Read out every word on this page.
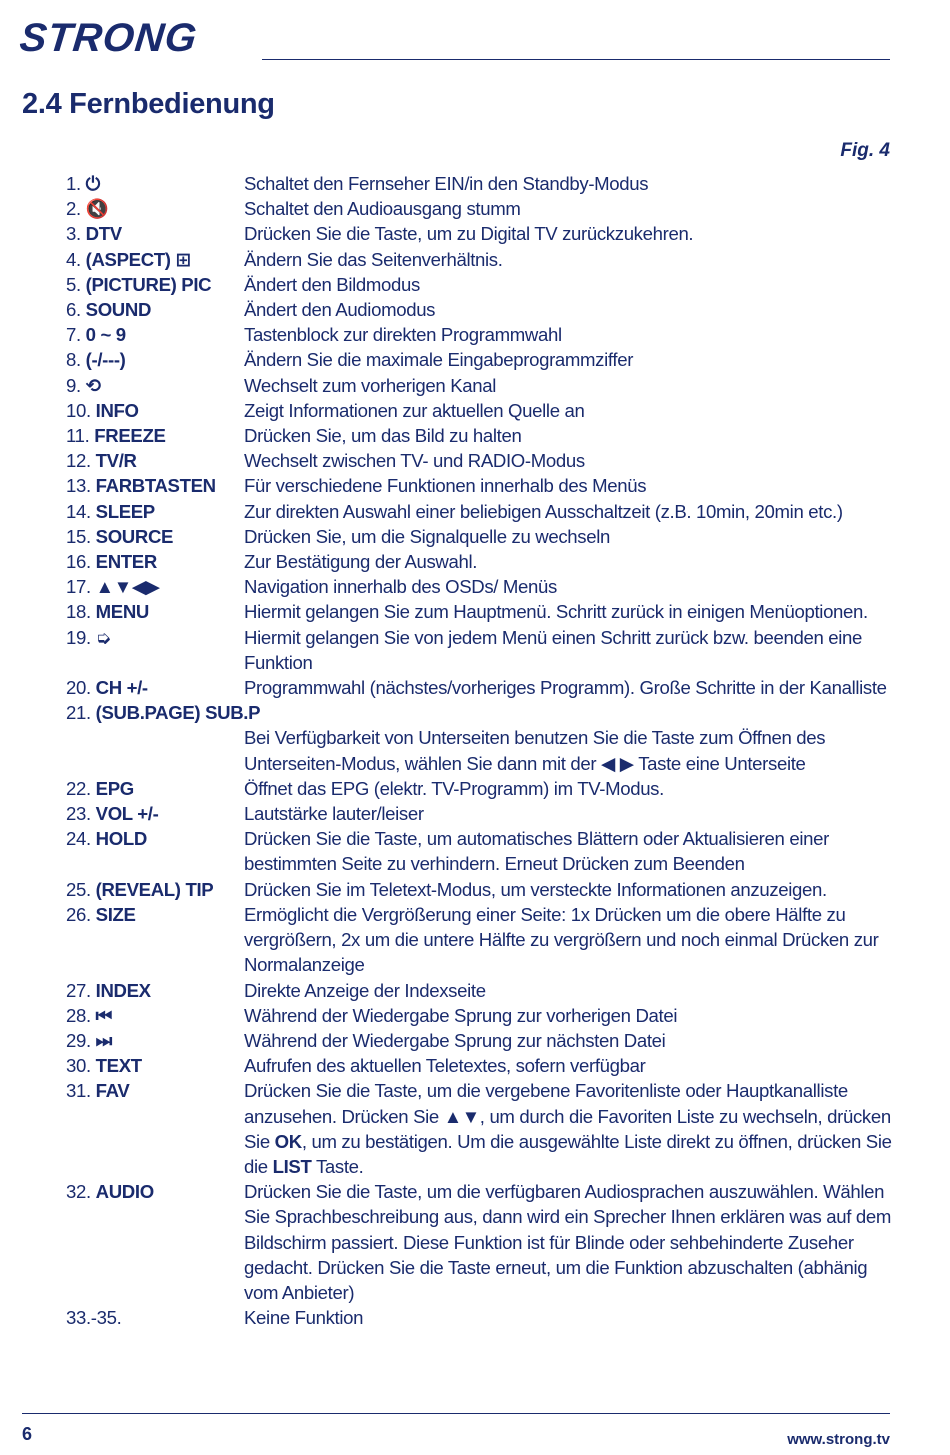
STRONG
2.4 Fernbedienung
Fig. 4
1. ⏻	Schaltet den Fernseher EIN/in den Standby-Modus
2. 🔇	Schaltet den Audioausgang stumm
3. DTV	Drücken Sie die Taste, um zu Digital TV zurückzukehren.
4. (ASPECT) ⊞	Ändern Sie das Seitenverhältnis.
5. (PICTURE) PIC	Ändert den Bildmodus
6. SOUND	Ändert den Audiomodus
7. 0 ~ 9	Tastenblock zur direkten Programmwahl
8. (-/---)	Ändern Sie die maximale Eingabeprogrammziffer
9. ⟲	Wechselt zum vorherigen Kanal
10. INFO	Zeigt Informationen zur aktuellen Quelle an
11. FREEZE	Drücken Sie, um das Bild zu halten
12. TV/R	Wechselt zwischen TV- und RADIO-Modus
13. FARBTASTEN	Für verschiedene Funktionen innerhalb des Menüs
14. SLEEP	Zur direkten Auswahl einer beliebigen Ausschaltzeit (z.B. 10min, 20min etc.)
15. SOURCE	Drücken Sie, um die Signalquelle zu wechseln
16. ENTER	Zur Bestätigung der Auswahl.
17. ▲▼◀▶	Navigation innerhalb des OSDs/ Menüs
18. MENU	Hiermit gelangen Sie zum Hauptmenü. Schritt zurück in einigen Menüoptionen.
19. ➭	Hiermit gelangen Sie von jedem Menü einen Schritt zurück bzw. beenden eine Funktion
20. CH +/-	Programmwahl (nächstes/vorheriges Programm). Große Schritte in der Kanalliste
21. (SUB.PAGE) SUB.P
Bei Verfügbarkeit von Unterseiten benutzen Sie die Taste zum Öffnen des Unterseiten-Modus, wählen Sie dann mit der ◀ ▶ Taste eine Unterseite
22. EPG	Öffnet das EPG (elektr. TV-Programm) im TV-Modus.
23. VOL +/-	Lautstärke lauter/leiser
24. HOLD	Drücken Sie die Taste, um automatisches Blättern oder Aktualisieren einer bestimmten Seite zu verhindern. Erneut Drücken zum Beenden
25. (REVEAL) TIP	Drücken Sie im Teletext-Modus, um versteckte Informationen anzuzeigen.
26. SIZE	Ermöglicht die Vergrößerung einer Seite: 1x Drücken um die obere Hälfte zu vergrößern, 2x um die untere Hälfte zu vergrößern und noch einmal Drücken zur Normalanzeige
27. INDEX	Direkte Anzeige der Indexseite
28. ⏮	Während der Wiedergabe Sprung zur vorherigen Datei
29. ⏭	Während der Wiedergabe Sprung zur nächsten Datei
30. TEXT	Aufrufen des aktuellen Teletextes, sofern verfügbar
31. FAV	Drücken Sie die Taste, um die vergebene Favoritenliste oder Hauptkanalliste anzusehen. Drücken Sie ▲▼, um durch die Favoriten Liste zu wechseln, drücken Sie OK, um zu bestätigen. Um die ausgewählte Liste direkt zu öffnen, drücken Sie die LIST Taste.
32. AUDIO	Drücken Sie die Taste, um die verfügbaren Audiosprachen auszuwählen. Wählen Sie Sprachbeschreibung aus, dann wird ein Sprecher Ihnen erklären was auf dem Bildschirm passiert. Diese Funktion ist für Blinde oder sehbehinderte Zuseher gedacht. Drücken Sie die Taste erneut, um die Funktion abzuschalten (abhänig vom Anbieter)
33.-35.	Keine Funktion
6	www.strong.tv
